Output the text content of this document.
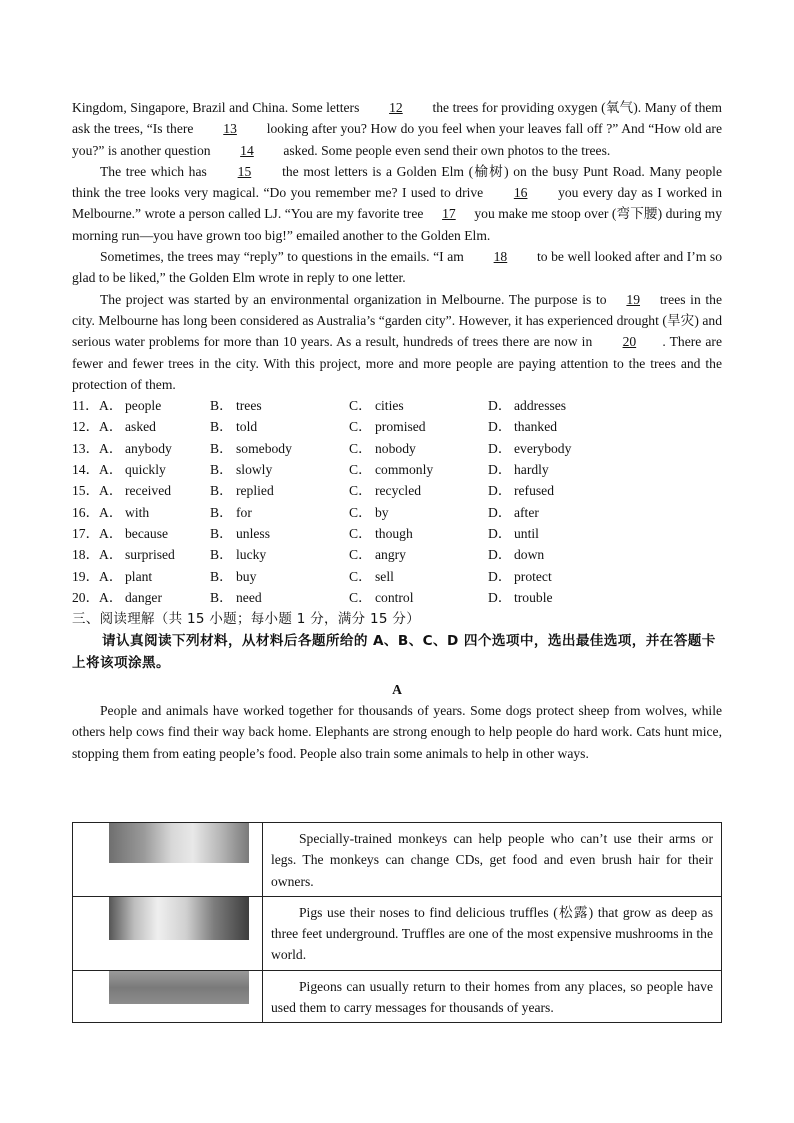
Kingdom, Singapore, Brazil and China. Some letters 12 the trees for providing oxygen (氧气). Many of them ask the trees, “Is there 13 looking after you? How do you feel when your leaves fall off ?” And “How old are you?” is another question 14 asked. Some people even send their own photos to the trees.

The tree which has 15 the most letters is a Golden Elm (榆树) on the busy Punt Road. Many people think the tree looks very magical. “Do you remember me? I used to drive 16 you every day as I worked in Melbourne.” wrote a person called LJ. “You are my favorite tree 17 you make me stoop over (弯下腰) during my morning run—you have grown too big!” emailed another to the Golden Elm.

Sometimes, the trees may “reply” to questions in the emails. “I am 18 to be well looked after and I’m so glad to be liked,” the Golden Elm wrote in reply to one letter.

The project was started by an environmental organization in Melbourne. The purpose is to 19 trees in the city. Melbourne has long been considered as Australia’s “garden city”. However, it has experienced drought (旱灾) and serious water problems for more than 10 years. As a result, hundreds of trees there are now in 20 . There are fewer and fewer trees in the city. With this project, more and more people are paying attention to the trees and the protection of them.

11． A． people	B． trees	C． cities	D． addresses
12． A． asked	B． told	C． promised	D． thanked
13． A． anybody	B． somebody	C． nobody	D． everybody
14． A． quickly	B． slowly	C． commonly	D． hardly
15． A． received	B． replied	C． recycled	D． refused
16． A． with	B． for	C． by	D． after
17． A． because	B． unless	C． though	D． until
18． A． surprised	B． lucky	C． angry	D． down
19． A． plant	B． buy	C． sell	D． protect
20． A． danger	B． need	C． control	D． trouble
三、阅读理解（共 15 小题；每小题 1 分，满分 15 分）

请认真阅读下列材料，从材料后各题所给的 A、B、C、D 四个选项中，选出最佳选项，并在答题卡上将该项涂黑。

A

People and animals have worked together for thousands of years. Some dogs protect sheep from wolves, while others help cows find their way back home. Elephants are strong enough to help people do hard work. Cats hunt mice, stopping them from eating people’s food. People also train some animals to help in other ways.

	Specially-trained monkeys can help people who can’t use their arms or legs. The monkeys can change CDs, get food and even brush hair for their owners.

	Pigs use their noses to find delicious truffles (松露) that grow as deep as three feet underground. Truffles are one of the most expensive mushrooms in the world.

	Pigeons can usually return to their homes from any places, so people have used them to carry messages for thousands of years.
